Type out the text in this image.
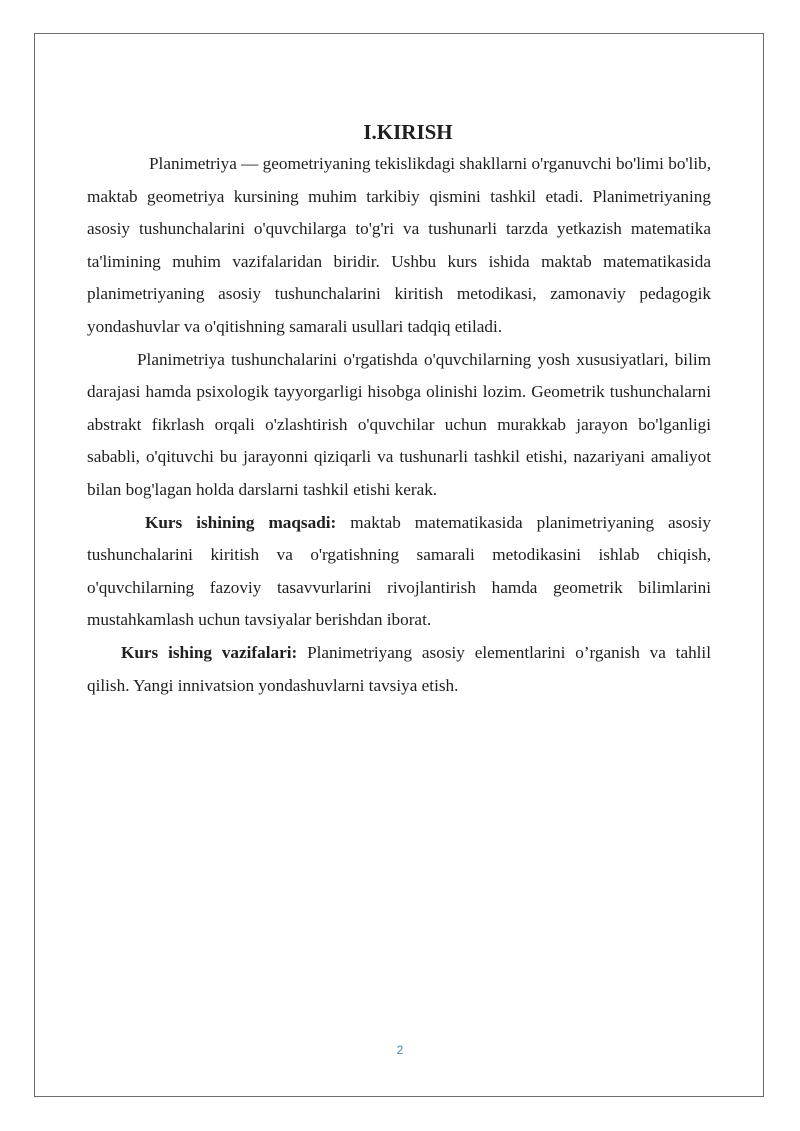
I.KIRISH

Planimetriya — geometriyaning tekislikdagi shakllarni o'rganuvchi bo'limi bo'lib, maktab geometriya kursining muhim tarkibiy qismini tashkil etadi. Planimetriyaning asosiy tushunchalarini o'quvchilarga to'g'ri va tushunarli tarzda yetkazish matematika ta'limining muhim vazifalaridan biridir. Ushbu kurs ishida maktab matematikasida planimetriyaning asosiy tushunchalarini kiritish metodikasi, zamonaviy pedagogik yondashuvlar va o'qitishning samarali usullari tadqiq etiladi.

Planimetriya tushunchalarini o'rgatishda o'quvchilarning yosh xususiyatlari, bilim darajasi hamda psixologik tayyorgarligi hisobga olinishi lozim. Geometrik tushunchalarni abstrakt fikrlash orqali o'zlashtirish o'quvchilar uchun murakkab jarayon bo'lganligi sababli, o'qituvchi bu jarayonni qiziqarli va tushunarli tashkil etishi, nazariyani amaliyot bilan bog'lagan holda darslarni tashkil etishi kerak.

Kurs ishining maqsadi: maktab matematikasida planimetriyaning asosiy tushunchalarini kiritish va o'rgatishning samarali metodikasini ishlab chiqish, o'quvchilarning fazoviy tasavvurlarini rivojlantirish hamda geometrik bilimlarini mustahkamlash uchun tavsiyalar berishdan iborat.

Kurs ishing vazifalari: Planimetriyang asosiy elementlarini o’rganish va tahlil qilish. Yangi innivatsion yondashuvlarni tavsiya etish.

2
